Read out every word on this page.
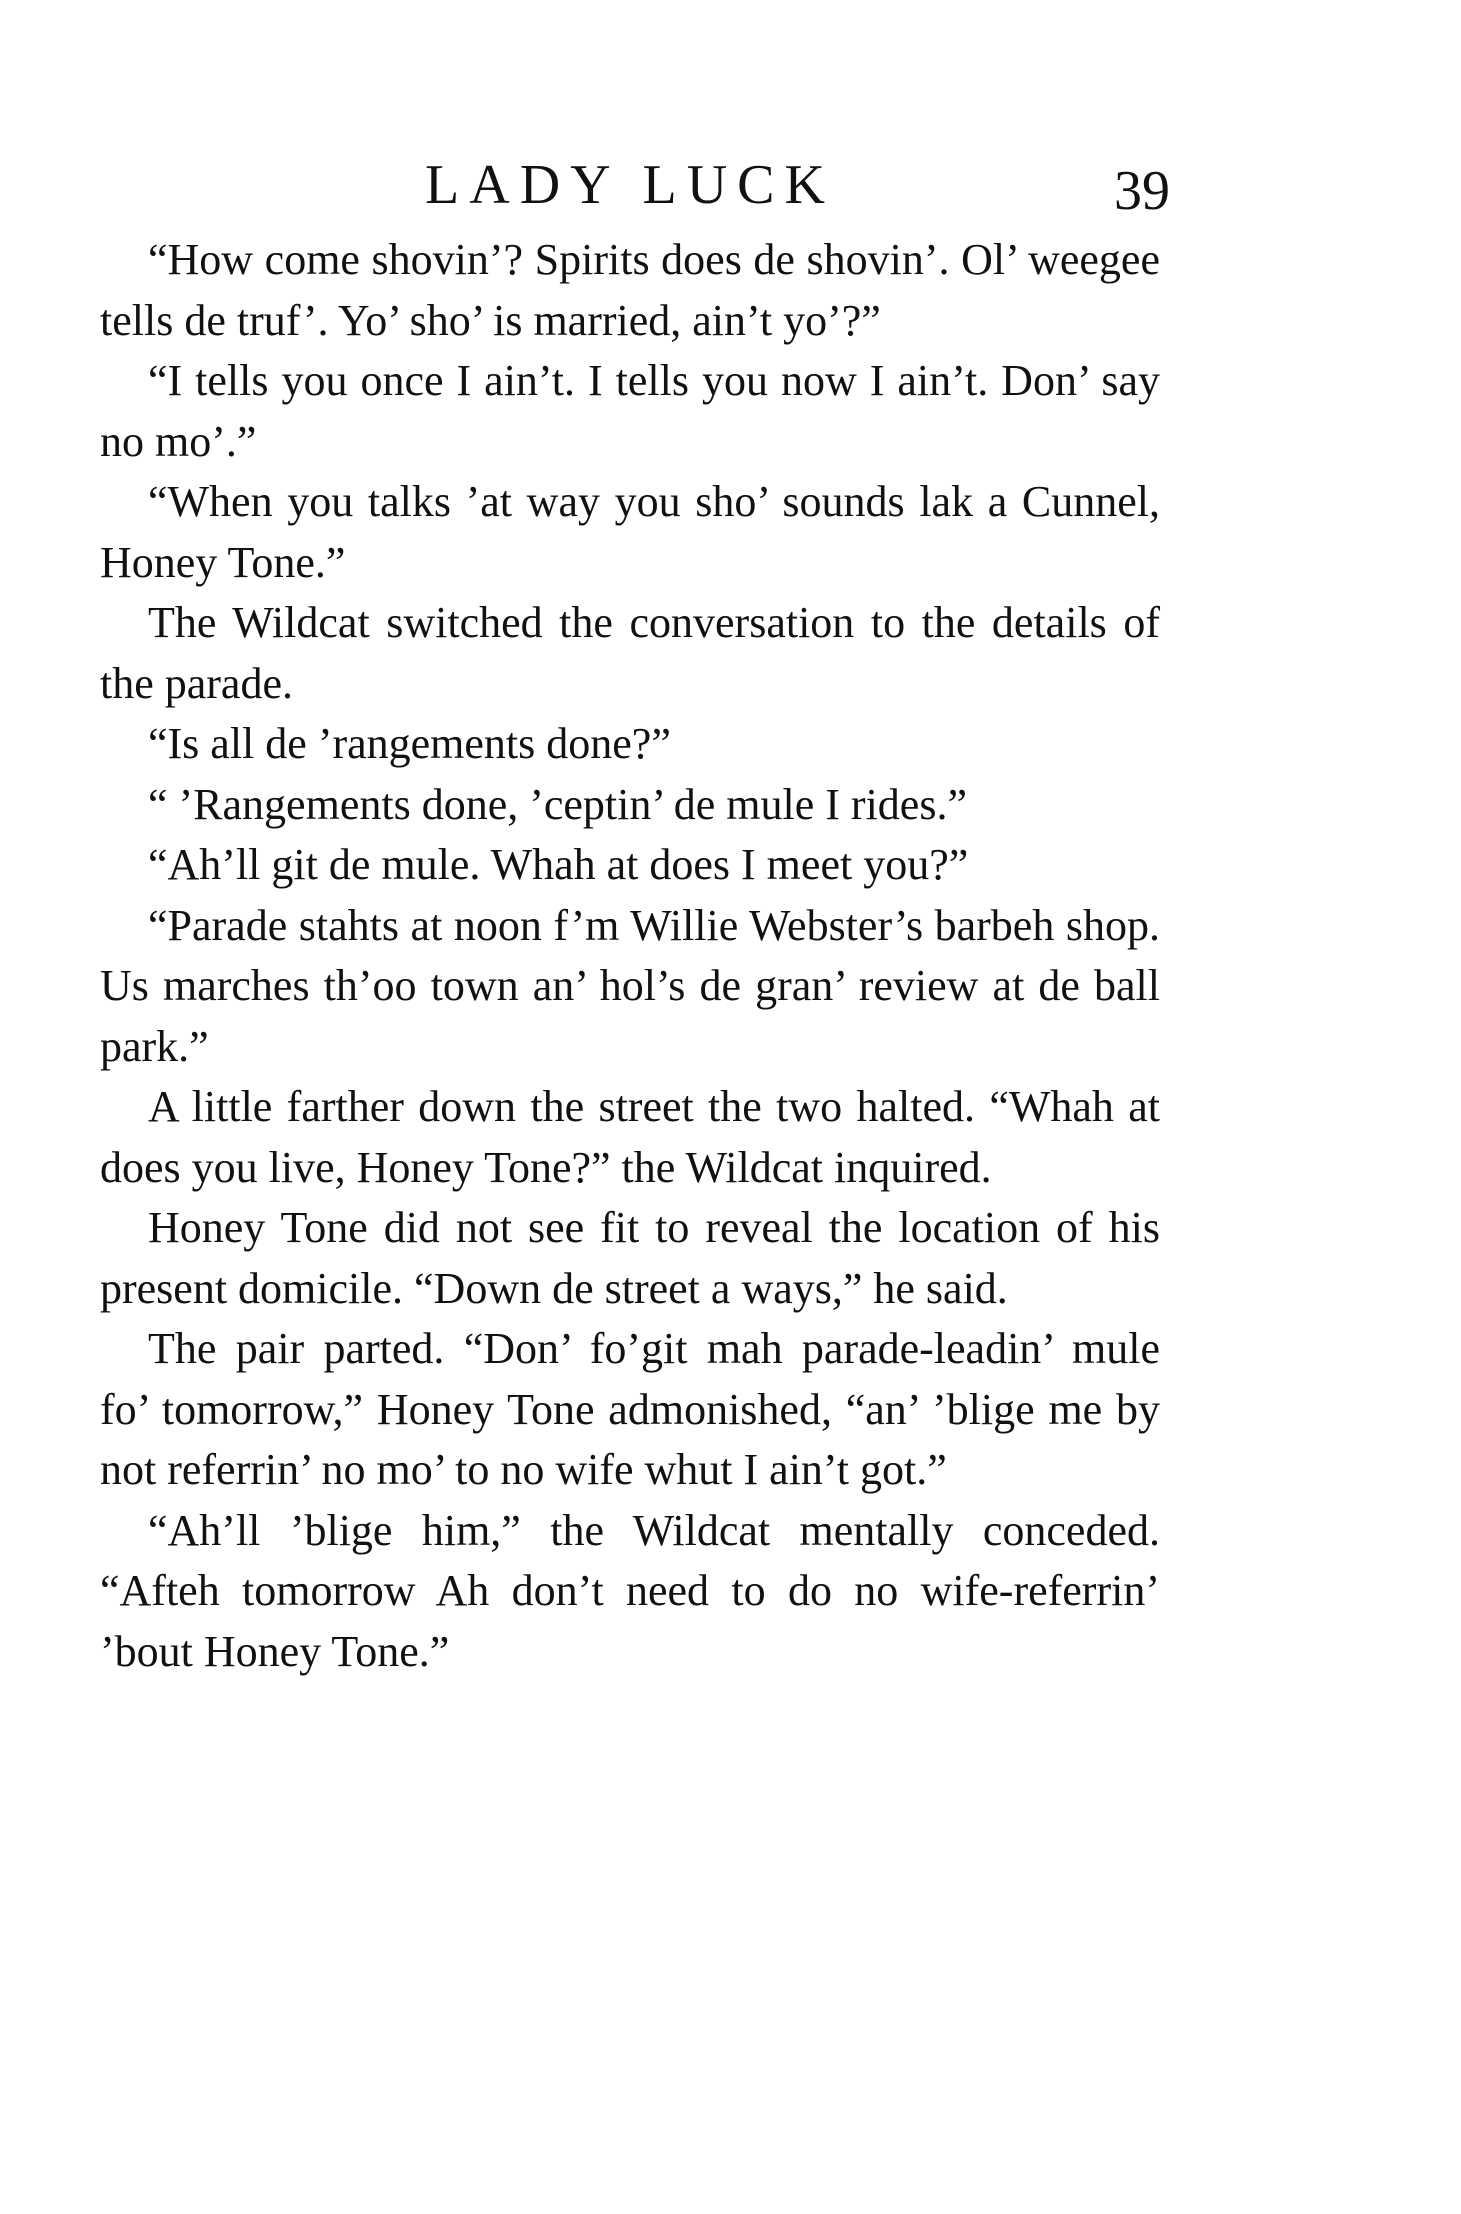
LADY LUCK	39

“How come shovin’? Spirits does de shovin’. Ol’ weegee tells de truf’. Yo’ sho’ is married, ain’t yo’?”

“I tells you once I ain’t. I tells you now I ain’t. Don’ say no mo’.”

“When you talks ’at way you sho’ sounds lak a Cunnel, Honey Tone.”

The Wildcat switched the conversation to the details of the parade.

“Is all de ’rangements done?”

“ ’Rangements done, ’ceptin’ de mule I rides.”

“Ah’ll git de mule. Whah at does I meet you?”

“Parade stahts at noon f’m Willie Webster’s barbeh shop. Us marches th’oo town an’ hol’s de gran’ review at de ball park.”

A little farther down the street the two halted. “Whah at does you live, Honey Tone?” the Wildcat inquired.

Honey Tone did not see fit to reveal the location of his present domicile. “Down de street a ways,” he said.

The pair parted. “Don’ fo’git mah parade-leadin’ mule fo’ tomorrow,” Honey Tone admonished, “an’ ’blige me by not referrin’ no mo’ to no wife whut I ain’t got.”

“Ah’ll ’blige him,” the Wildcat mentally conceded. “Afteh tomorrow Ah don’t need to do no wife-referrin’ ’bout Honey Tone.”
